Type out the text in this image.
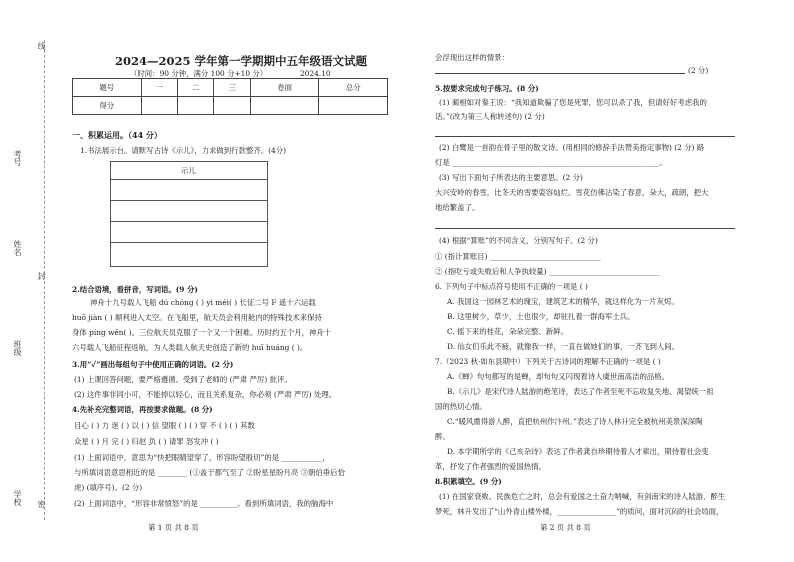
线
考号
姓名
封
班级
学校 密
2024—2025 学年第一学期期中五年级语文试题
（时间：90 分钟，满分 100 分+10 分）	2024.10
题号	一	二	三	卷面	总分
得分					
一、积累运用。（44 分）
1.书法展示台。请默写古诗《示儿》，力求做到行款整齐。(4分)
示儿
2.结合语境，看拼音，写词语。(9 分)
神舟十九号载人飞船 dú chóng ( ) yì méi( ) 长征二号 F 遥十六运载
huǒ jiàn ( ) 顺利进入太空。在飞船里，航天员会利用舱内的特殊技术来保持
身体 píng wěn( )。三位航天员克服了一个又一个困难。历时约五个月，神舟十
六号载人飞船征程返航，为人类载人航天史创造了新的 huī huáng ( )。
3.用“✓”画出每组句子中使用正确的词语。(2 分)
(1) 上课回答问题，要严格遵循。受到了老师的 (严肃 严厉) 批评。
(2) 这件事非同小可，不能掉以轻心，而且关系复杂，你必须 (严肃 严厉) 处理。
4.先补充完整词语，再按要求做题。(8 分)
目心 ( ) 力 迷 ( ) 以 ( ) 信 望眼 ( ) ( ) 穿 不 ( ) ( ) 其数
众星 ( ) 月 完 ( ) 归赵 负 ( ) 请罪 怒发冲 ( )
(1) 上面词语中，意思为“快把眼睛望穿了，形容盼望殷切”的是 ___________，
与所填词语意思相近的是 ________ (①盖于都气至了 ②盼星星盼月亮 ③朝伯垂后恰
虎) (填序号)。(2 分)
(2) 上面词语中，“形容非常愤怒”的是 __________。看到所填词语，我的脑海中
第 1 页 共 8 页
会浮现出这样的情景：
(2 分)
5.按要求完成句子练习。(8 分)
(1) 蔺相如对秦王说：“我知道欺骗了您是死罪，您可以杀了我，但请好好考虑我的
话。”(改为第三人称转述句) (2 分)
(2) 白鹭是一首韵在骨子里的散文诗。(用相同的修辞手法赞美指定事物) (2 分) 路
灯是 ________________________________________________________。
(3) 写出下面句子所表达的主要意思。(2 分)
大兴安岭的春雪，比冬天的雪要姿容灿烂。雪花仿佛沾染了春意，朵大，疏朗，把大
地给繁盖了。
(4) 根据“算账”的不同含义，分别写句子。(2 分)
① (指计算账目) ______________________________
② (指吃亏或失败后和人争执较量) ______________________________
6. 下列句子中标点符号使用不正确的一项是 ( )
A. 我国这一园林艺术的瑰宝，建筑艺术的精华，就这样化为一片灰烬。
B. 这里树少，草少，土也很少，却驻扎着一群海军士兵。
C. 摇下来的桂花，朵朵完整、新鲜。
D. 仙女们乐此不疲，就像我一样，一直在做她们的事，一齐飞到人间。
7.（2023 秋·如东县期中）下列关于古诗词的理解不正确的一项是 ( )
A.《蝉》句句都写的是蝉，却句句又闪现着诗人虞世南高洁的品格。
B.《示儿》是宋代诗人陆游的绝笔诗，表达了作者至死不忘收复失地、渴望统一祖
国的热切心情。
C.“暖风熏得游人醉，直把杭州作汴州。”表达了诗人林升完全被杭州美景深深陶
醉。
D. 本学期所学的《己亥杂诗》表达了作者龚自珍期待着人才辈出，期待着社会变
革，抒发了作者强烈的爱国热情。
8.积累填空。(9 分)
(1) 在国家衰败、民族危亡之时，总会有爱国之士奋力呐喊，有剑南宋的诗人陆游、醉生
梦死，林升发出了“山外青山楼外楼，________________”的质问，面对沉闷的社会局面，
第 2 页 共 8 页
